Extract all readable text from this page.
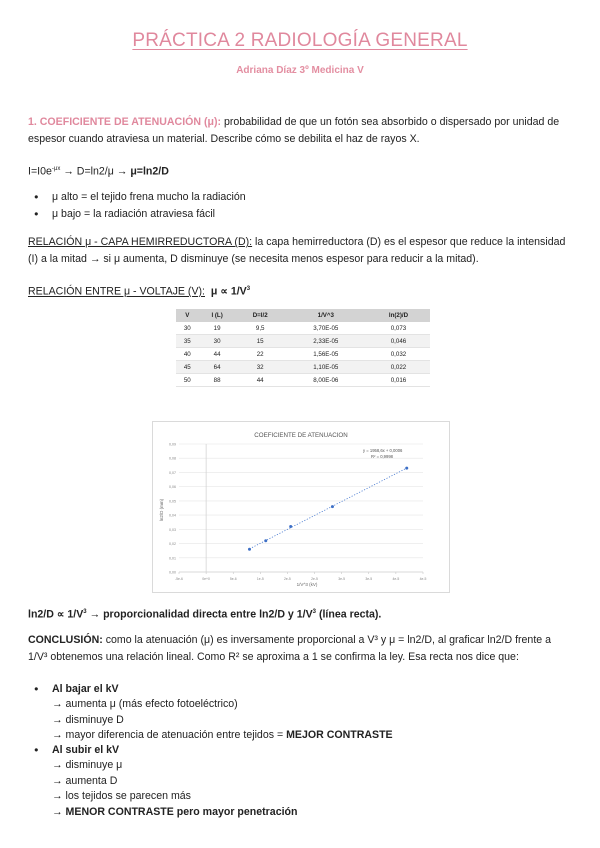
PRÁCTICA 2 RADIOLOGÍA GENERAL
Adriana Díaz 3º Medicina V
1. COEFICIENTE DE ATENUACIÓN (μ): probabilidad de que un fotón sea absorbido o dispersado por unidad de espesor cuando atraviesa un material. Describe cómo se debilita el haz de rayos X.
$I=I0e^{-\mu x} \to D=\ln 2/\mu \to \mu=\ln 2/D$
● μ alto = el tejido frena mucho la radiación
● μ bajo = la radiación atraviesa fácil
RELACIÓN μ - CAPA HEMIRREDUCTORA (D): la capa hemirreductora (D) es el espesor que reduce la intensidad (I) a la mitad → si μ aumenta, D disminuye (se necesita menos espesor para reducir a la mitad).
RELACIÓN ENTRE μ - VOLTAJE (V): $\mu \propto 1/V^3$
V	I (L)	D=I/2	1/V^3	ln(2)/D
30	19	9,5	3,70E-05	0,073
35	30	15	2,33E-05	0,046
40	44	22	1,56E-05	0,032
45	64	32	1,10E-05	0,022
50	88	44	8,00E-06	0,016
COEFICIENTE DE ATENUACION
0,00
0,01
0,02
0,03
0,04
0,05
0,06
0,07
0,08
0,09
-5e-6	0e+0	5e-6	1e-5	2e-5	2e-5	3e-5	3e-5	4e-5	4e-5
y = 1958,6x + 0,0006
R² = 0,9998
1/V^3 (kV)
ln2/D (mm)
$\ln 2/D \propto 1/V^3$ → proporcionalidad directa entre ln2/D y $1/V^3$ (línea recta).
CONCLUSIÓN: como la atenuación (μ) es inversamente proporcional a V³ y μ = ln2/D, al graficar ln2/D frente a 1/V³ obtenemos una relación lineal. Como R² se aproxima a 1 se confirma la ley. Esa recta nos dice que:
● Al bajar el kV
→ aumenta μ (más efecto fotoeléctrico)
→ disminuye D
→ mayor diferencia de atenuación entre tejidos = MEJOR CONTRASTE
● Al subir el kV
→ disminuye μ
→ aumenta D
→ los tejidos se parecen más
→ MENOR CONTRASTE pero mayor penetración
